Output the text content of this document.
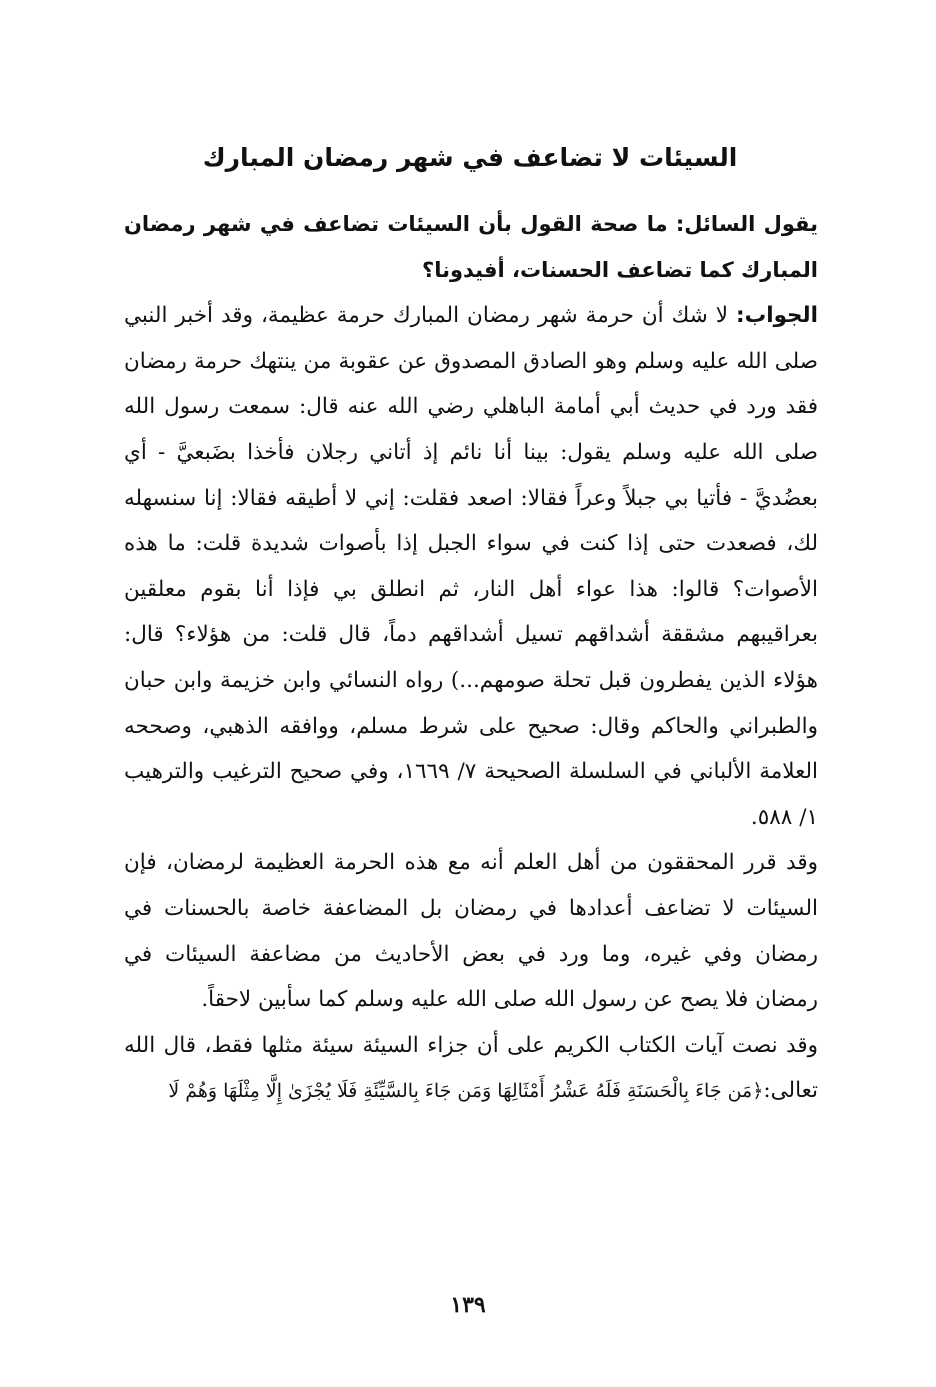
السيئات لا تضاعف في شهر رمضان المبارك

يقول السائل: ما صحة القول بأن السيئات تضاعف في شهر رمضان المبارك كما تضاعف الحسنات، أفيدونا؟

الجواب: لا شك أن حرمة شهر رمضان المبارك حرمة عظيمة، وقد أخبر النبي صلى الله عليه وسلم وهو الصادق المصدوق عن عقوبة من ينتهك حرمة رمضان فقد ورد في حديث أبي أمامة الباهلي رضي الله عنه قال: سمعت رسول الله صلى الله عليه وسلم يقول: بينا أنا نائم إذ أتاني رجلان فأخذا بضَبعيَّ - أي بعضُديَّ - فأتيا بي جبلاً وعراً فقالا: اصعد فقلت: إني لا أطيقه فقالا: إنا سنسهله لك، فصعدت حتى إذا كنت في سواء الجبل إذا بأصوات شديدة قلت: ما هذه الأصوات؟ قالوا: هذا عواء أهل النار، ثم انطلق بي فإذا أنا بقوم معلقين بعراقيبهم مشققة أشداقهم تسيل أشداقهم دماً، قال قلت: من هؤلاء؟ قال: هؤلاء الذين يفطرون قبل تحلة صومهم...) رواه النسائي وابن خزيمة وابن حبان والطبراني والحاكم وقال: صحيح على شرط مسلم، ووافقه الذهبي، وصححه العلامة الألباني في السلسلة الصحيحة ٧/ ١٦٦٩، وفي صحيح الترغيب والترهيب ١/ ٥٨٨.

وقد قرر المحققون من أهل العلم أنه مع هذه الحرمة العظيمة لرمضان، فإن السيئات لا تضاعف أعدادها في رمضان بل المضاعفة خاصة بالحسنات في رمضان وفي غيره، وما ورد في بعض الأحاديث من مضاعفة السيئات في رمضان فلا يصح عن رسول الله صلى الله عليه وسلم كما سأبين لاحقاً.

وقد نصت آيات الكتاب الكريم على أن جزاء السيئة سيئة مثلها فقط، قال الله تعالى:﴿مَن جَاءَ بِالْحَسَنَةِ فَلَهُ عَشْرُ أَمْثَالِهَا وَمَن جَاءَ بِالسَّيِّئَةِ فَلَا يُجْزَىٰ إِلَّا مِثْلَهَا وَهُمْ لَا

١٣٩
